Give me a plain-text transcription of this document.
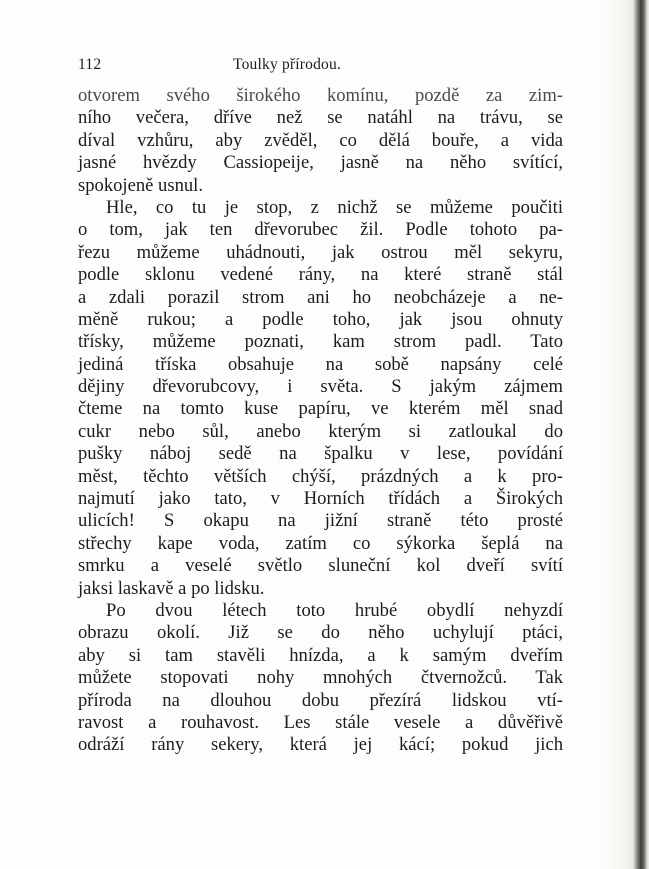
112	Toulky přírodou.
otvorem svého širokého komínu, pozdě za zim-
ního večera, dříve než se natáhl na trávu, se
díval vzhůru, aby zvěděl, co dělá bouře, a vida
jasné hvězdy Cassiopeije, jasně na něho svítící,
spokojeně usnul.
Hle, co tu je stop, z nichž se můžeme poučiti
o tom, jak ten dřevorubec žil. Podle tohoto pa-
řezu můžeme uhádnouti, jak ostrou měl sekyru,
podle sklonu vedené rány, na které straně stál
a zdali porazil strom ani ho neobcházeje a ne-
měně rukou; a podle toho, jak jsou ohnuty
třísky, můžeme poznati, kam strom padl. Tato
jediná tříska obsahuje na sobě napsány celé
dějiny dřevorubcovy, i světa. S jakým zájmem
čteme na tomto kuse papíru, ve kterém měl snad
cukr nebo sůl, anebo kterým si zatloukal do
pušky náboj sedě na špalku v lese, povídání
měst, těchto větších chýší, prázdných a k pro-
najmutí jako tato, v Horních třídách a Širokých
ulicích! S okapu na jižní straně této prosté
střechy kape voda, zatím co sýkorka šeplá na
smrku a veselé světlo sluneční kol dveří svítí
jaksi laskavě a po lidsku.
Po dvou létech toto hrubé obydlí nehyzdí
obrazu okolí. Již se do něho uchylují ptáci,
aby si tam stavěli hnízda, a k samým dveřím
můžete stopovati nohy mnohých čtvernožců. Tak
příroda na dlouhou dobu přezírá lidskou vtí-
ravost a rouhavost. Les stále vesele a důvěřivě
odráží rány sekery, která jej kácí; pokud jich
